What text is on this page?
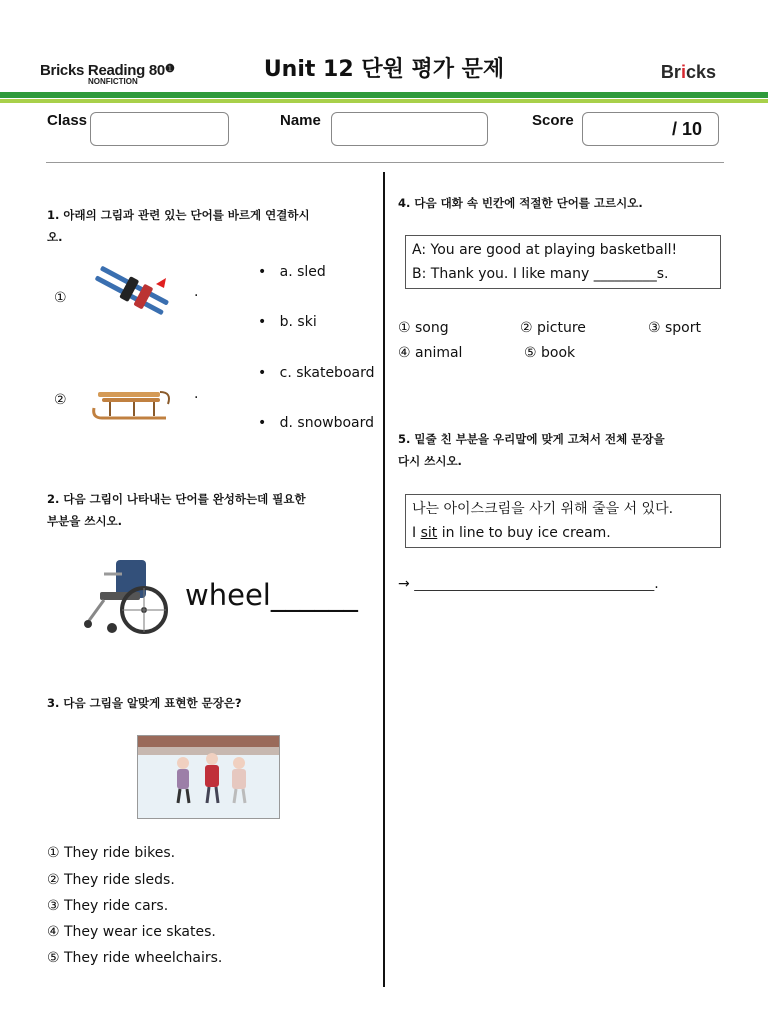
Bricks Reading $80^❶$
NONFICTION	Unit 12 단원 평가 문제	Bricks
Class	Name	Score	/ 10
1. 아래의 그림과 관련 있는 단어를 바르게 연결하시
오.
①	·
②	·
• a. sled
• b. ski
• c. skateboard
• d. snowboard
2. 다음 그림이 나타내는 단어를 완성하는데 필요한
부분을 쓰시오.
wheel______
3. 다음 그림을 알맞게 표현한 문장은?
① They ride bikes.
② They ride sleds.
③ They ride cars.
④ They wear ice skates.
⑤ They ride wheelchairs.
4. 다음 대화 속 빈칸에 적절한 단어를 고르시오.
A: You are good at playing basketball!
B: Thank you. I like many _________s.
① song	② picture	③ sport
④ animal	⑤ book
5. 밑줄 친 부분을 우리말에 맞게 고쳐서 전체 문장을
다시 쓰시오.
나는 아이스크림을 사기 위해 줄을 서 있다.
I sit in line to buy ice cream.
→ ________________________________________.
